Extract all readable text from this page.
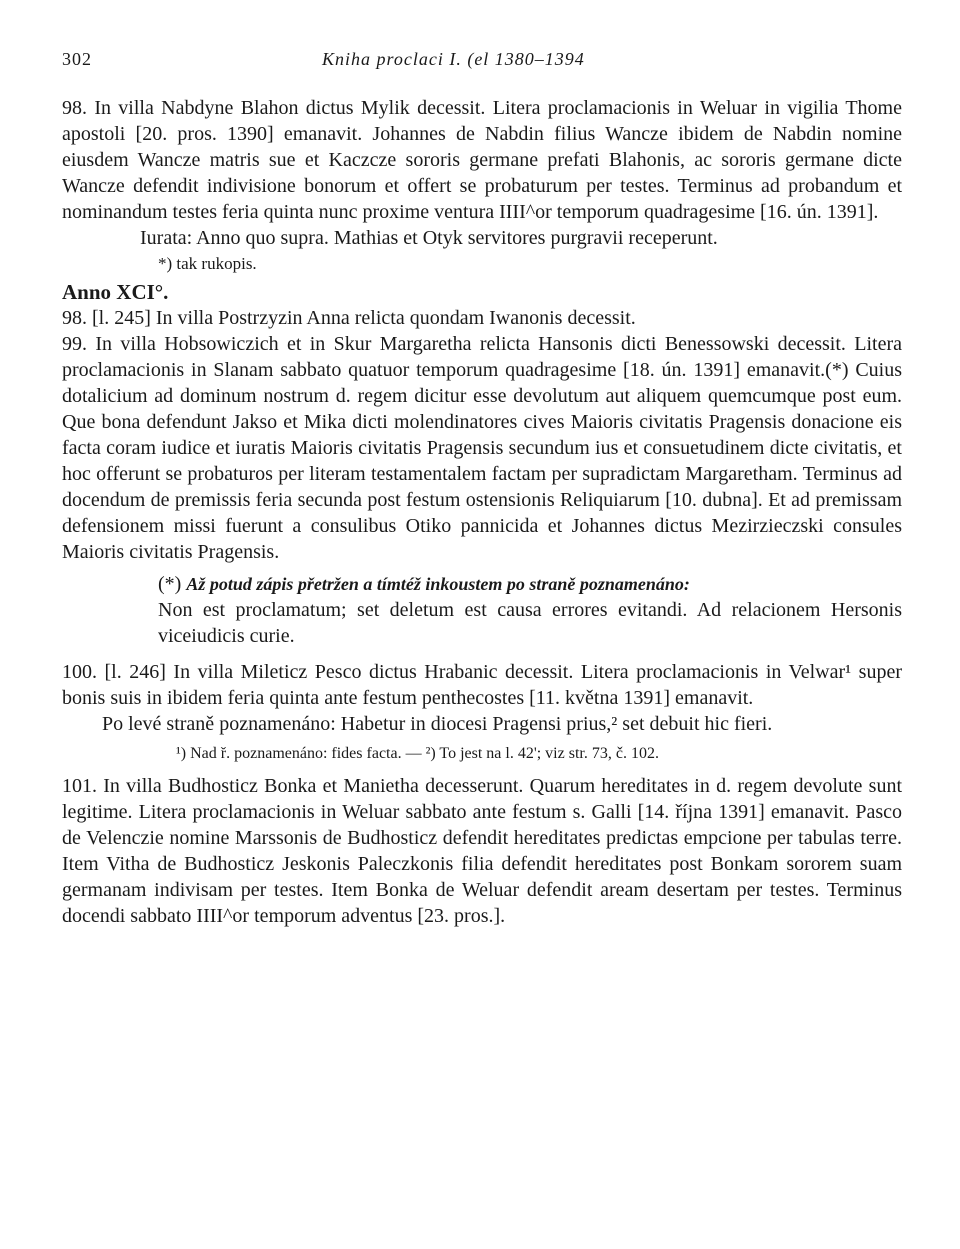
302	Kniha proclaci I. (el 1380–1394

98. In villa Nabdyne Blahon dictus Mylik decessit. Litera proclamacionis in Weluar in vigilia Thome apostoli [20. pros. 1390] emanavit. Johannes de Nabdin filius Wancze ibidem de Nabdin nomine eiusdem Wancze matris sue et Kaczcze sororis germane prefati Blahonis, ac sororis germane dicte Wancze defendit indivisione bonorum et offert se probaturum per testes. Terminus ad probandum et nominandum testes feria quinta nunc proxime ventura IIII^or temporum quadragesime [16. ún. 1391].

Iurata: Anno quo supra. Mathias et Otyk servitores purgravii receperunt.

*) tak rukopis.

Anno XCI°.

98. [l. 245] In villa Postrzyzin Anna relicta quondam Iwanonis decessit.

99. In villa Hobsowiczich et in Skur Margaretha relicta Hansonis dicti Benessowski decessit. Litera proclamacionis in Slanam sabbato quatuor temporum quadragesime [18. ún. 1391] emanavit.(*) Cuius dotalicium ad dominum nostrum d. regem dicitur esse devolutum aut aliquem quemcumque post eum. Que bona defendunt Jakso et Mika dicti molendinatores cives Maioris civitatis Pragensis donacione eis facta coram iudice et iuratis Maioris civitatis Pragensis secundum ius et consuetudinem dicte civitatis, et hoc offerunt se probaturos per literam testamentalem factam per supradictam Margaretham. Terminus ad docendum de premissis feria secunda post festum ostensionis Reliquiarum [10. dubna]. Et ad premissam defensionem missi fuerunt a consulibus Otiko pannicida et Johannes dictus Mezirzieczski consules Maioris civitatis Pragensis.

(*) Až potud zápis přetržen a tímtéž inkoustem po straně poznamenáno:

Non est proclamatum; set deletum est causa errores evitandi. Ad relacionem Hersonis viceiudicis curie.

100. [l. 246] In villa Mileticz Pesco dictus Hrabanic decessit. Litera proclamacionis in Velwar¹ super bonis suis in ibidem feria quinta ante festum penthecostes [11. května 1391] emanavit.

Po levé straně poznamenáno: Habetur in diocesi Pragensi prius,² set debuit hic fieri.

¹) Nad ř. poznamenáno: fides facta. — ²) To jest na l. 42'; viz str. 73, č. 102.

101. In villa Budhosticz Bonka et Manietha decesserunt. Quarum hereditates in d. regem devolute sunt legitime. Litera proclamacionis in Weluar sabbato ante festum s. Galli [14. října 1391] emanavit. Pasco de Velenczie nomine Marssonis de Budhosticz defendit hereditates predictas empcione per tabulas terre. Item Vitha de Budhosticz Jeskonis Paleczkonis filia defendit hereditates post Bonkam sororem suam germanam indivisam per testes. Item Bonka de Weluar defendit aream desertam per testes. Terminus docendi sabbato IIII^or temporum adventus [23. pros.].
